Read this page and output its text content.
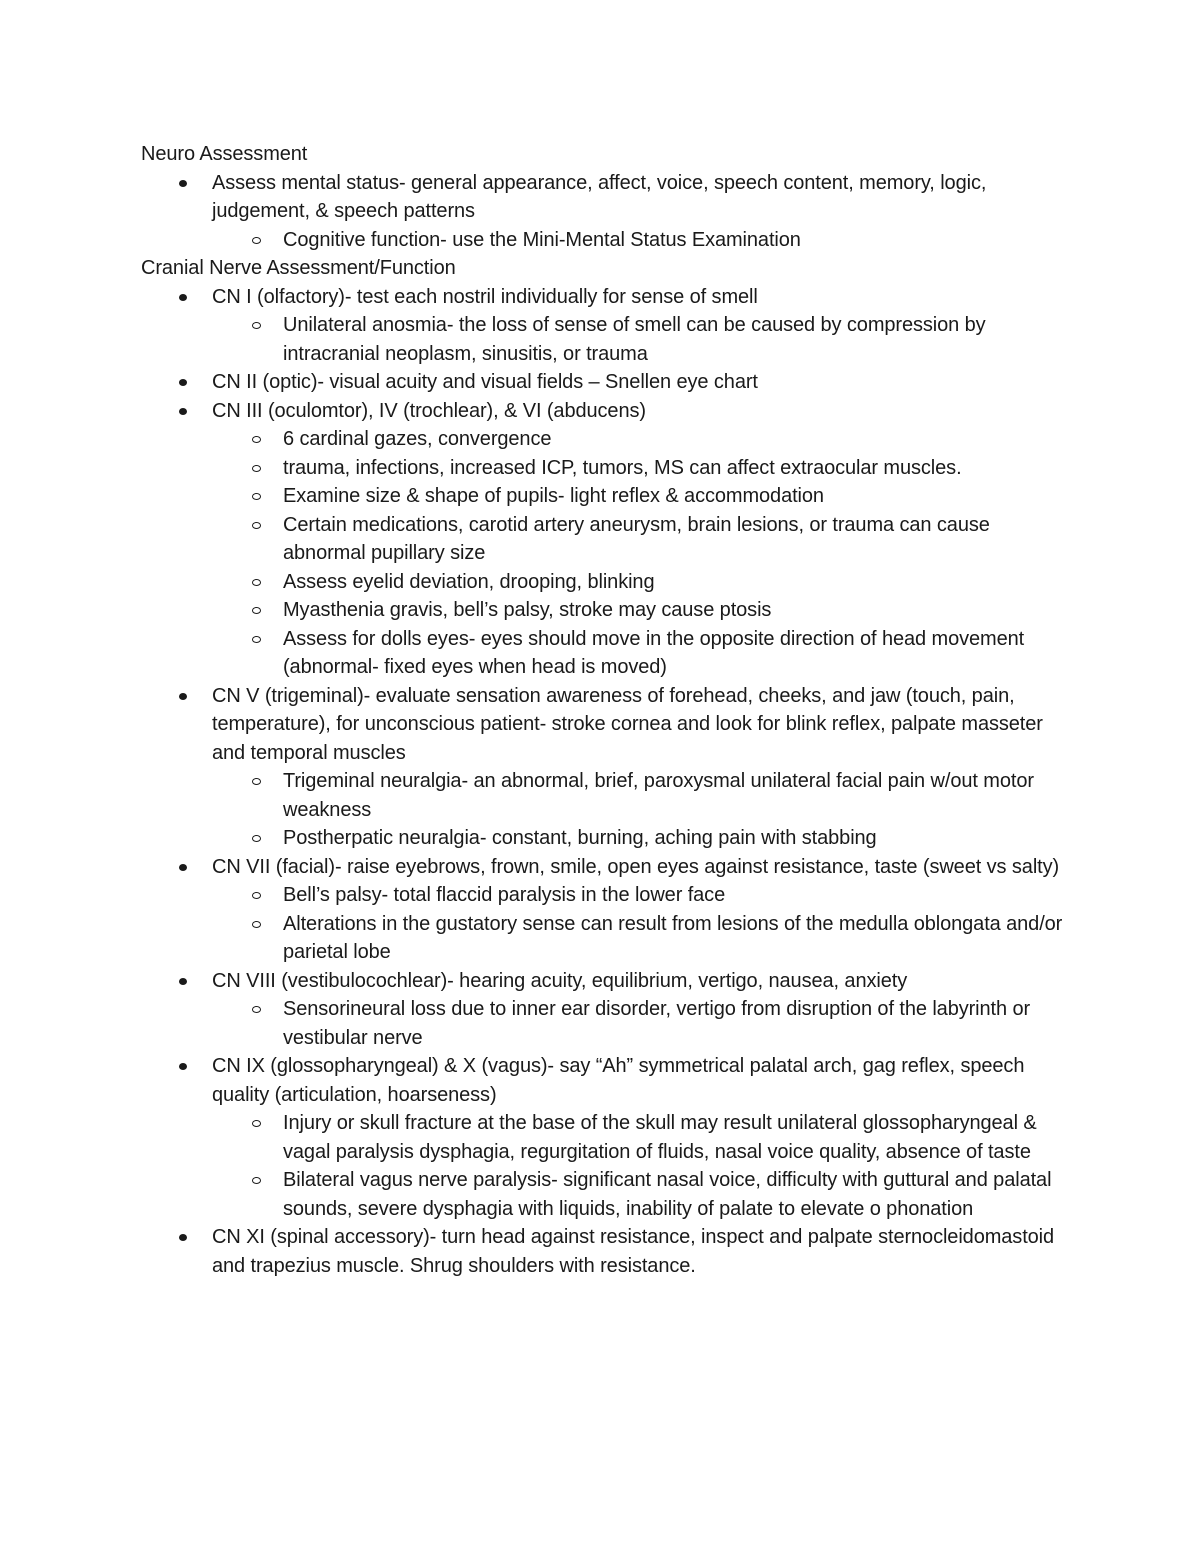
Neuro Assessment
Assess mental status- general appearance, affect, voice, speech content, memory, logic, judgement, & speech patterns
Cognitive function- use the Mini-Mental Status Examination
Cranial Nerve Assessment/Function
CN I (olfactory)- test each nostril individually for sense of smell
Unilateral anosmia- the loss of sense of smell can be caused by compression by intracranial neoplasm, sinusitis, or trauma
CN II (optic)- visual acuity and visual fields – Snellen eye chart
CN III (oculomtor), IV (trochlear), & VI (abducens)
6 cardinal gazes, convergence
trauma, infections, increased ICP, tumors, MS can affect extraocular muscles.
Examine size & shape of pupils- light reflex & accommodation
Certain medications, carotid artery aneurysm, brain lesions, or trauma can cause abnormal pupillary size
Assess eyelid deviation, drooping, blinking
Myasthenia gravis, bell’s palsy, stroke may cause ptosis
Assess for dolls eyes- eyes should move in the opposite direction of head movement (abnormal- fixed eyes when head is moved)
CN V (trigeminal)- evaluate sensation awareness of forehead, cheeks, and jaw (touch, pain, temperature), for unconscious patient- stroke cornea and look for blink reflex, palpate masseter and temporal muscles
Trigeminal neuralgia- an abnormal, brief, paroxysmal unilateral facial pain w/out motor weakness
Postherpatic neuralgia- constant, burning, aching pain with stabbing
CN VII (facial)- raise eyebrows, frown, smile, open eyes against resistance, taste (sweet vs salty)
Bell’s palsy- total flaccid paralysis in the lower face
Alterations in the gustatory sense can result from lesions of the medulla oblongata and/or parietal lobe
CN VIII (vestibulocochlear)- hearing acuity, equilibrium, vertigo, nausea, anxiety
Sensorineural loss due to inner ear disorder, vertigo from disruption of the labyrinth or vestibular nerve
CN IX (glossopharyngeal) & X (vagus)- say “Ah” symmetrical palatal arch, gag reflex, speech quality (articulation, hoarseness)
Injury or skull fracture at the base of the skull may result unilateral glossopharyngeal & vagal paralysis dysphagia, regurgitation of fluids, nasal voice quality, absence of taste
Bilateral vagus nerve paralysis- significant nasal voice, difficulty with guttural and palatal sounds, severe dysphagia with liquids, inability of palate to elevate o phonation
CN XI (spinal accessory)- turn head against resistance, inspect and palpate sternocleidomastoid and trapezius muscle. Shrug shoulders with resistance.
